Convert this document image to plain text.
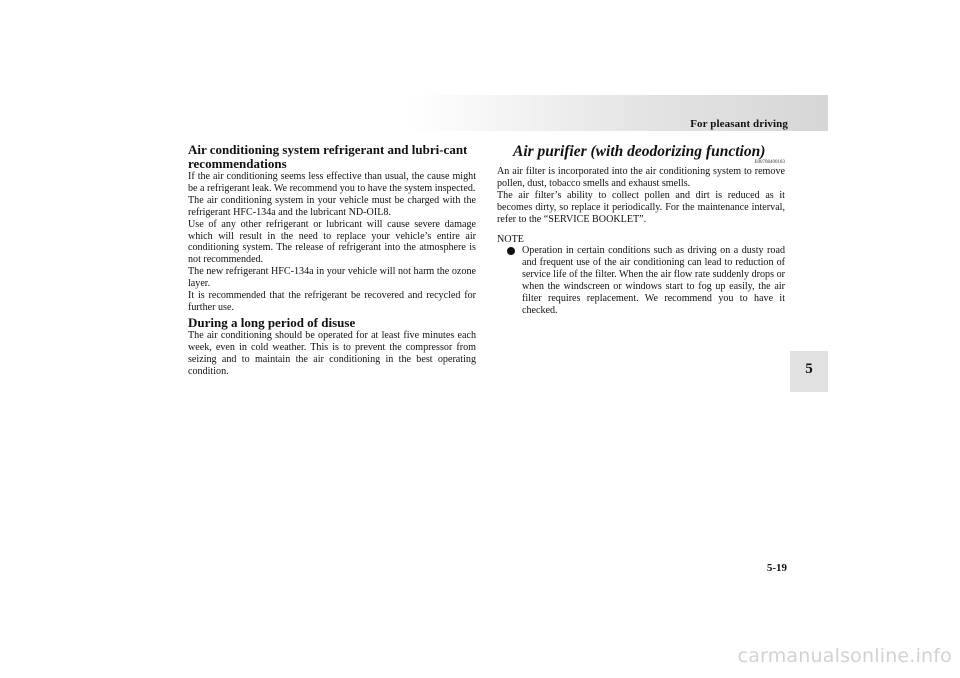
For pleasant driving
5
Air conditioning system refrigerant and lubri-cant recommendations

If the air conditioning seems less effective than usual, the cause might be a refrigerant leak. We recommend you to have the system inspected.

The air conditioning system in your vehicle must be charged with the refrigerant HFC-134a and the lubricant ND-OIL8.

Use of any other refrigerant or lubricant will cause severe damage which will result in the need to replace your vehicle’s entire air conditioning system. The release of refrigerant into the atmosphere is not recommended.

The new refrigerant HFC-134a in your vehicle will not harm the ozone layer.

It is recommended that the refrigerant be recovered and recycled for further use.

During a long period of disuse

The air conditioning should be operated for at least five minutes each week, even in cold weather. This is to prevent the compressor from seizing and to maintain the air conditioning in the best operating condition.

Air purifier (with deodorizing function)
E00708400183

An air filter is incorporated into the air conditioning system to remove pollen, dust, tobacco smells and exhaust smells.

The air filter’s ability to collect pollen and dirt is reduced as it becomes dirty, so replace it periodically. For the maintenance interval, refer to the “SERVICE BOOKLET”.

NOTE

Operation in certain conditions such as driving on a dusty road and frequent use of the air conditioning can lead to reduction of service life of the filter. When the air flow rate suddenly drops or when the windscreen or windows start to fog up easily, the air filter requires replacement. We recommend you to have it checked.

5-19
carmanualsonline.info
